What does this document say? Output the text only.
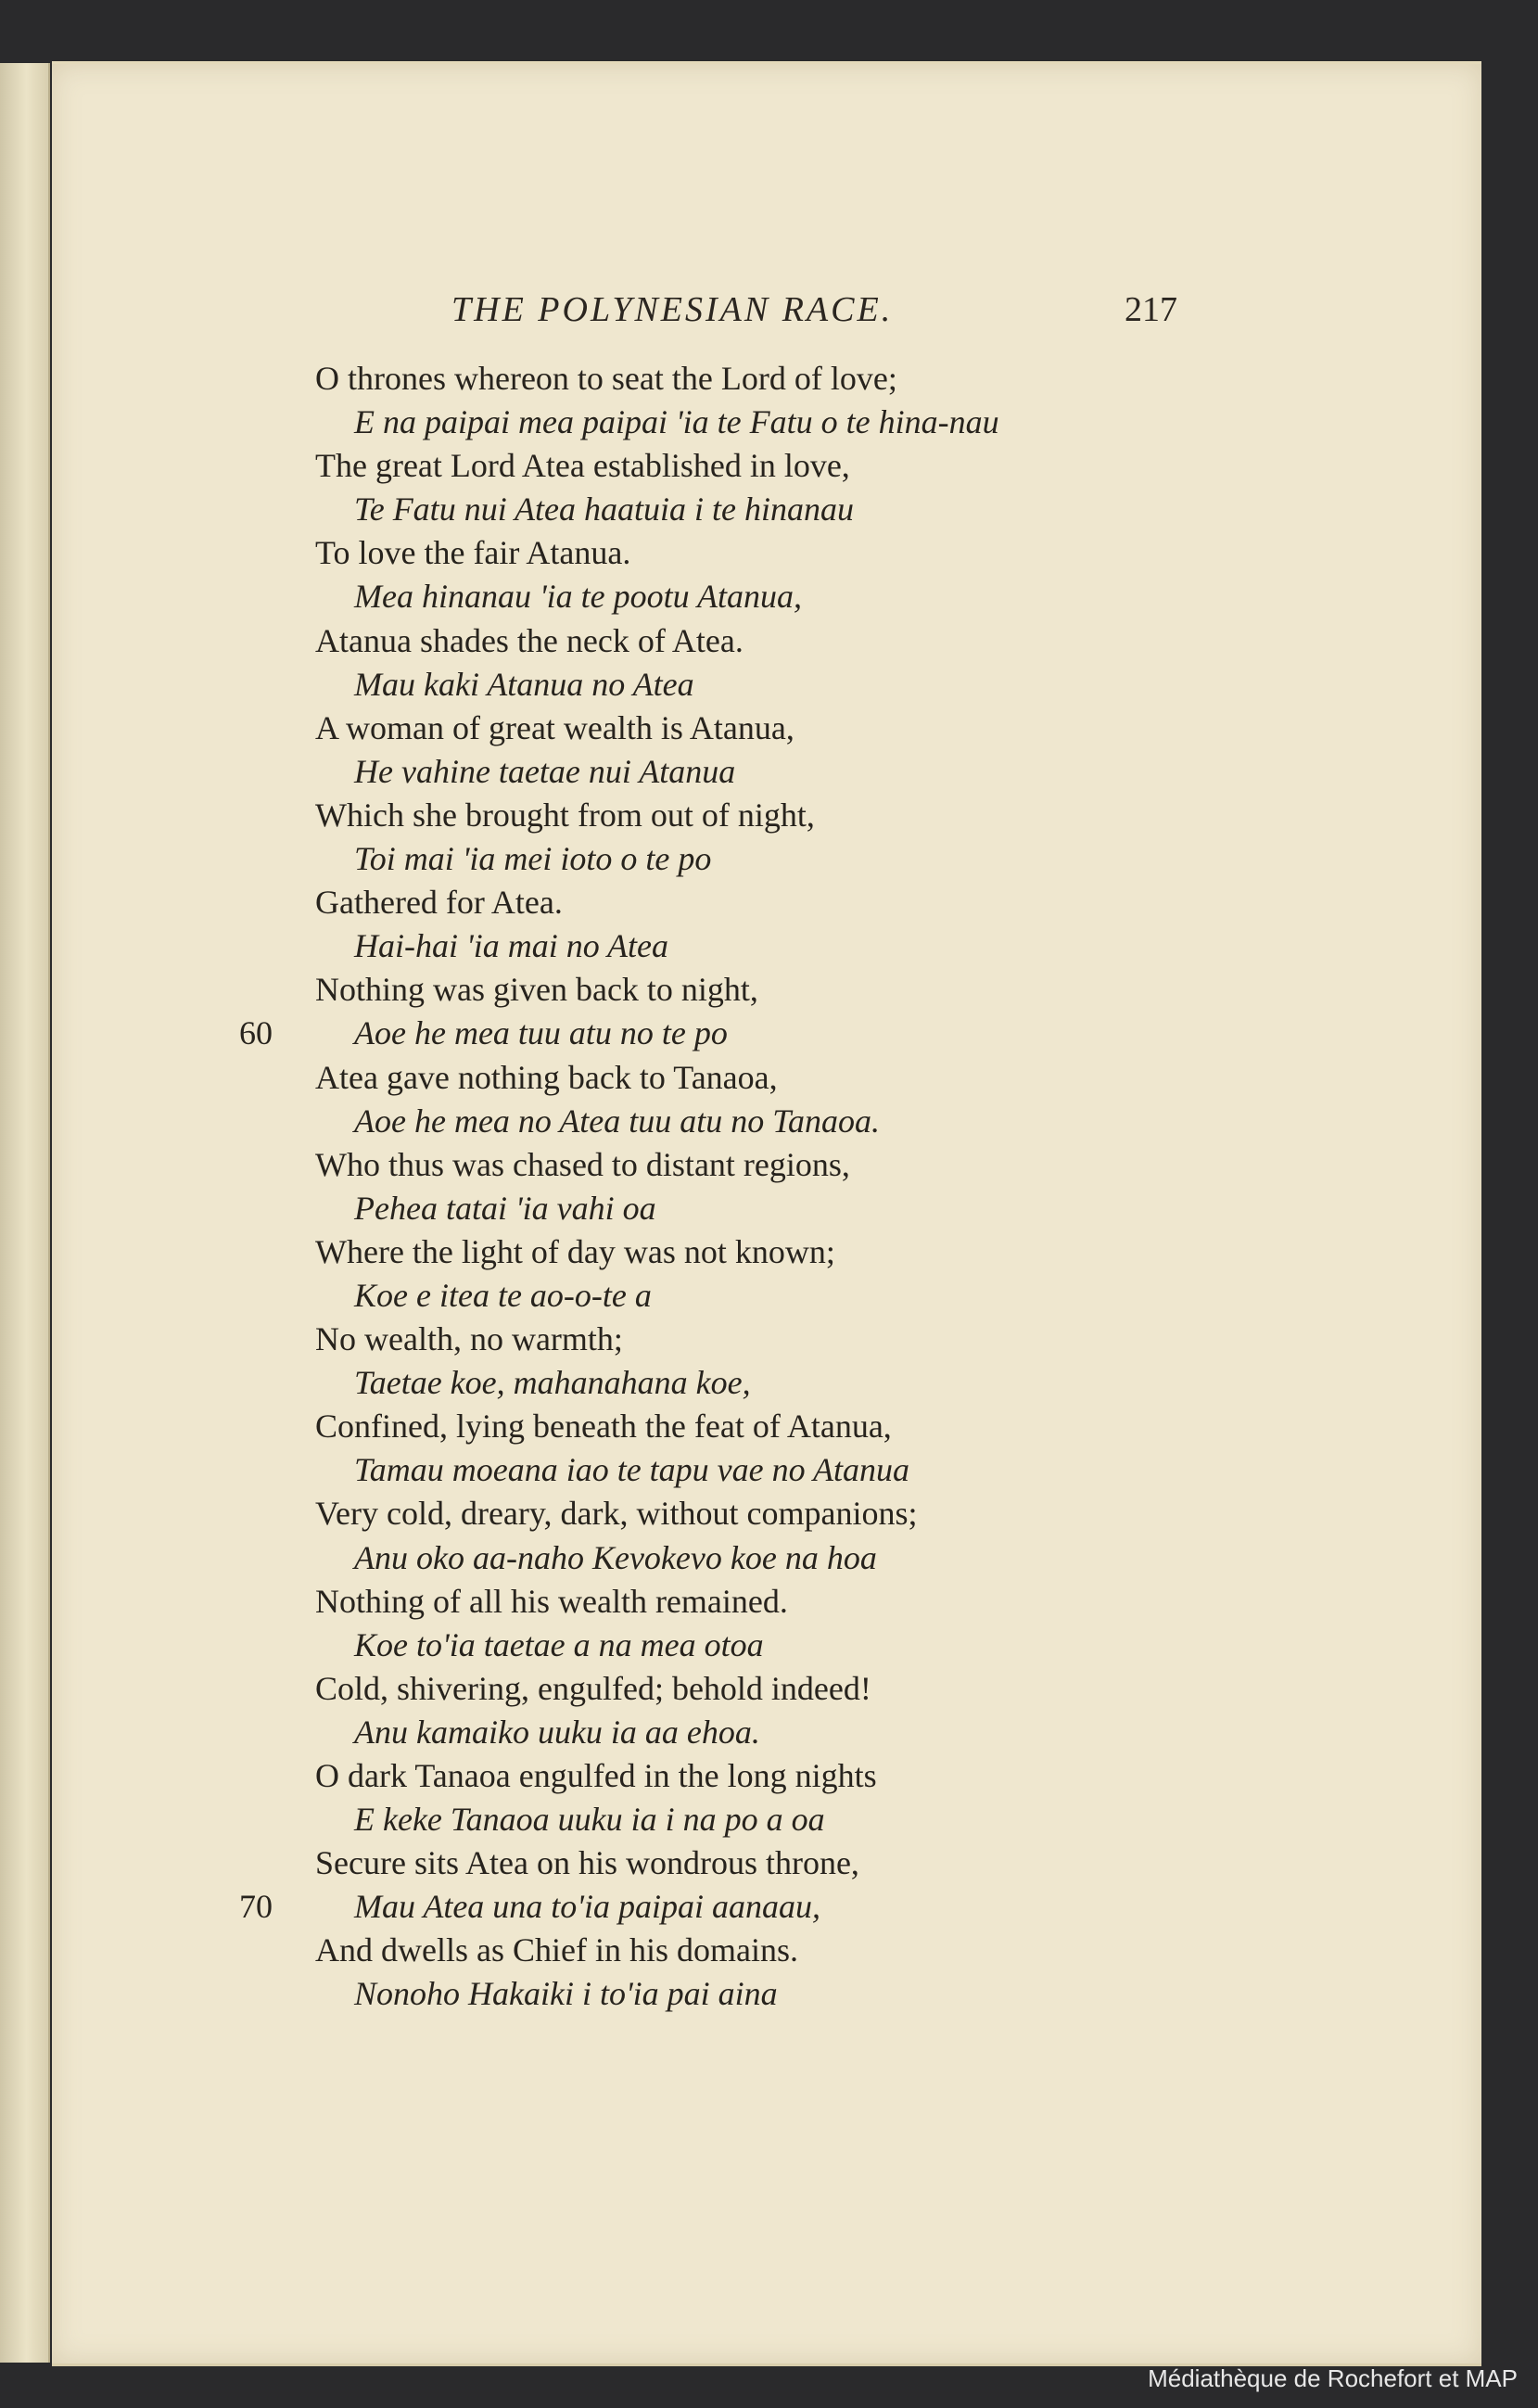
THE POLYNESIAN RACE.	217
O thrones whereon to seat the Lord of love;
E na paipai mea paipai 'ia te Fatu o te hina-nau
The great Lord Atea established in love,
Te Fatu nui Atea haatuia i te hinanau
To love the fair Atanua.
Mea hinanau 'ia te pootu Atanua,
Atanua shades the neck of Atea.
Mau kaki Atanua no Atea
A woman of great wealth is Atanua,
He vahine taetae nui Atanua
Which she brought from out of night,
Toi mai 'ia mei ioto o te po
Gathered for Atea.
Hai-hai 'ia mai no Atea
Nothing was given back to night,
60 Aoe he mea tuu atu no te po
Atea gave nothing back to Tanaoa,
Aoe he mea no Atea tuu atu no Tanaoa.
Who thus was chased to distant regions,
Pehea tatai 'ia vahi oa
Where the light of day was not known;
Koe e itea te ao-o-te a
No wealth, no warmth;
Taetae koe, mahanahana koe,
Confined, lying beneath the feat of Atanua,
Tamau moeana iao te tapu vae no Atanua
Very cold, dreary, dark, without companions;
Anu oko aa-naho Kevokevo koe na hoa
Nothing of all his wealth remained.
Koe to'ia taetae a na mea otoa
Cold, shivering, engulfed; behold indeed!
Anu kamaiko uuku ia aa ehoa.
O dark Tanaoa engulfed in the long nights
E keke Tanaoa uuku ia i na po a oa
Secure sits Atea on his wondrous throne,
70 Mau Atea una to'ia paipai aanaau,
And dwells as Chief in his domains.
Nonoho Hakaiki i to'ia pai aina
Médiathèque de Rochefort et MAP
